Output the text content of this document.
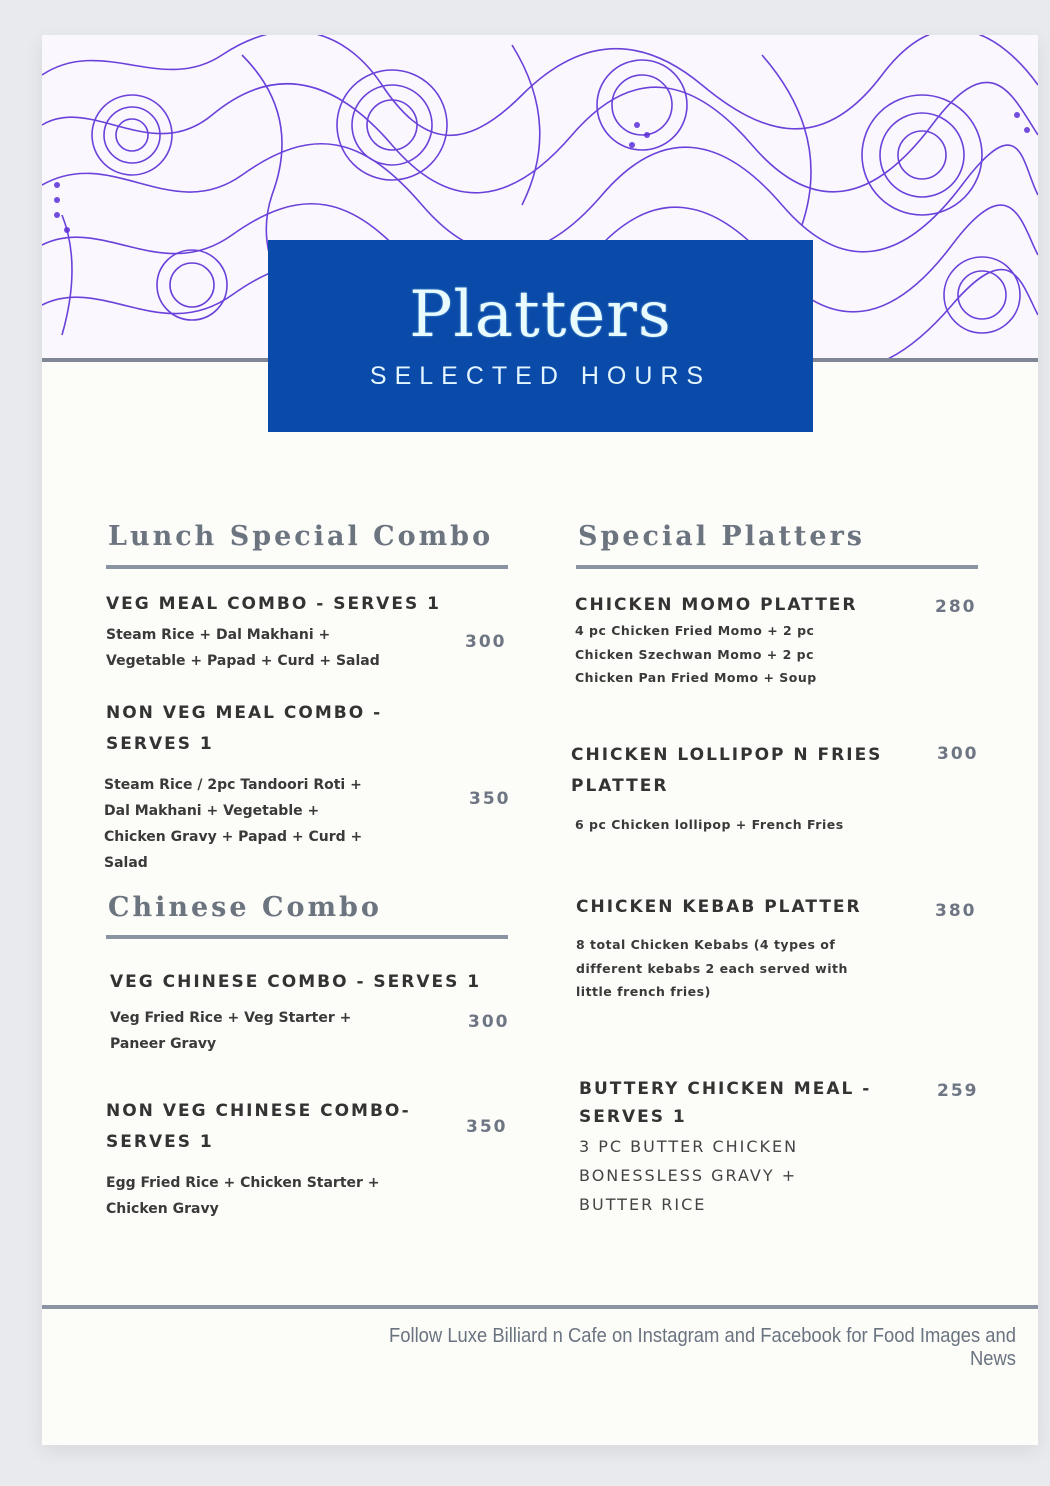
Platters
SELECTED HOURS
Lunch Special Combo
VEG MEAL COMBO - SERVES 1
Steam Rice + Dal Makhani +
Vegetable + Papad + Curd + Salad
300
NON VEG MEAL COMBO -
SERVES 1
Steam Rice / 2pc Tandoori Roti +
Dal Makhani + Vegetable +
Chicken Gravy + Papad + Curd +
Salad
350
Chinese Combo
VEG CHINESE COMBO - SERVES 1
Veg Fried Rice + Veg Starter +
Paneer Gravy
300
NON VEG CHINESE COMBO-
SERVES 1
Egg Fried Rice + Chicken Starter +
Chicken Gravy
350
Special Platters
CHICKEN MOMO PLATTER
4 pc Chicken Fried Momo + 2 pc
Chicken Szechwan Momo + 2 pc
Chicken Pan Fried Momo + Soup
280
CHICKEN LOLLIPOP N FRIES
PLATTER
6 pc Chicken lollipop + French Fries
300
CHICKEN KEBAB PLATTER
8 total Chicken Kebabs (4 types of
different kebabs 2 each served with
little french fries)
380
BUTTERY CHICKEN MEAL -
SERVES 1
3 PC BUTTER CHICKEN
BONESSLESS GRAVY +
BUTTER RICE
259
Follow Luxe Billiard n Cafe on Instagram and Facebook for Food Images and
News
